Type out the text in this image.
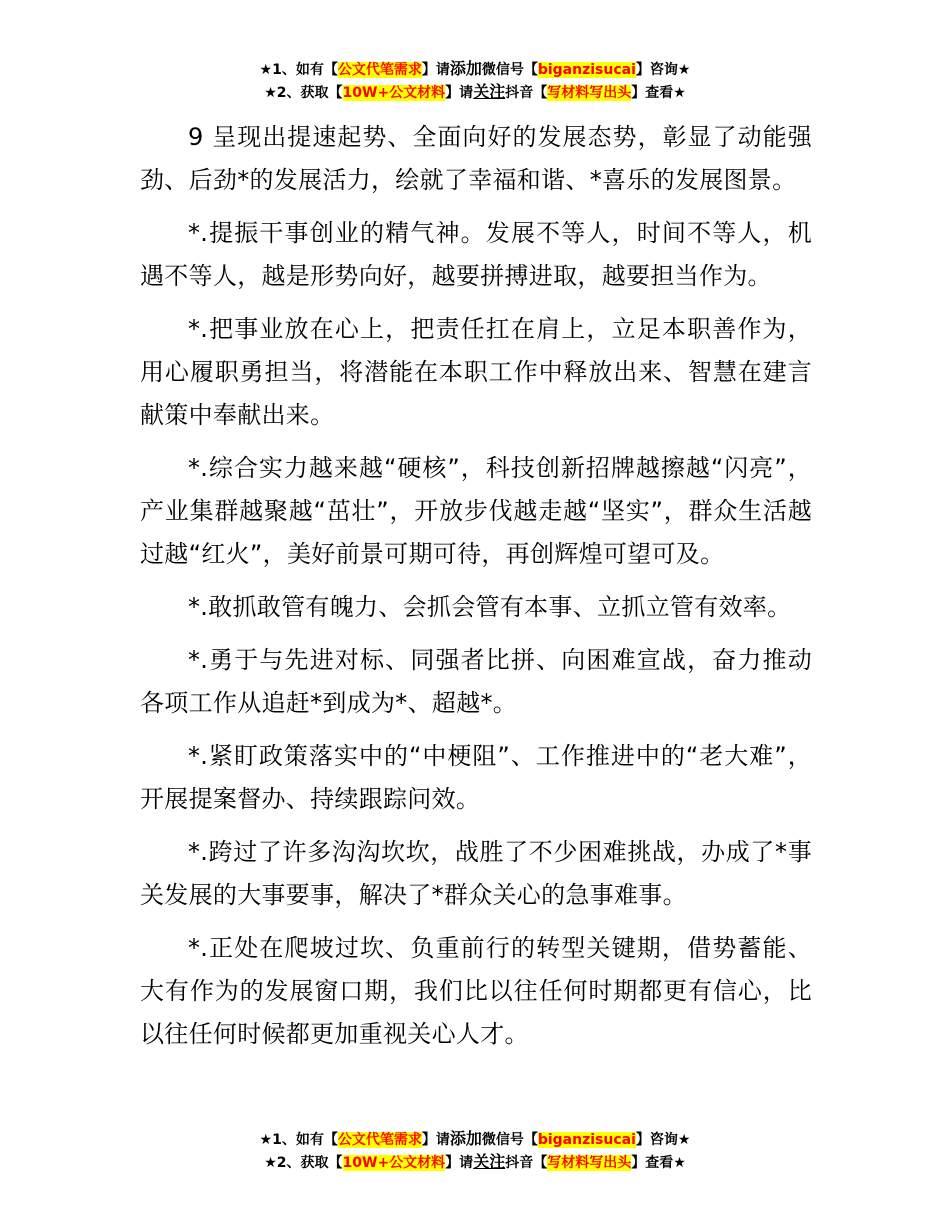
★1、如有【公文代笔需求】请添加微信号【biganzisucai】咨询★
★2、获取【10W+公文材料】请关注抖音【写材料写出头】查看★

9 呈现出提速起势、全面向好的发展态势，彰显了动能强劲、后劲*的发展活力，绘就了幸福和谐、*喜乐的发展图景。

*.提振干事创业的精气神。发展不等人，时间不等人，机遇不等人，越是形势向好，越要拼搏进取，越要担当作为。

*.把事业放在心上，把责任扛在肩上，立足本职善作为，用心履职勇担当，将潜能在本职工作中释放出来、智慧在建言献策中奉献出来。

*.综合实力越来越“硬核”，科技创新招牌越擦越“闪亮”，产业集群越聚越“茁壮”，开放步伐越走越“坚实”，群众生活越过越“红火”，美好前景可期可待，再创辉煌可望可及。

*.敢抓敢管有魄力、会抓会管有本事、立抓立管有效率。

*.勇于与先进对标、同强者比拼、向困难宣战，奋力推动各项工作从追赶*到成为*、超越*。

*.紧盯政策落实中的“中梗阻”、工作推进中的“老大难”，开展提案督办、持续跟踪问效。

*.跨过了许多沟沟坎坎，战胜了不少困难挑战，办成了*事关发展的大事要事，解决了*群众关心的急事难事。

*.正处在爬坡过坎、负重前行的转型关键期，借势蓄能、大有作为的发展窗口期，我们比以往任何时期都更有信心，比以往任何时候都更加重视关心人才。

★1、如有【公文代笔需求】请添加微信号【biganzisucai】咨询★
★2、获取【10W+公文材料】请关注抖音【写材料写出头】查看★
